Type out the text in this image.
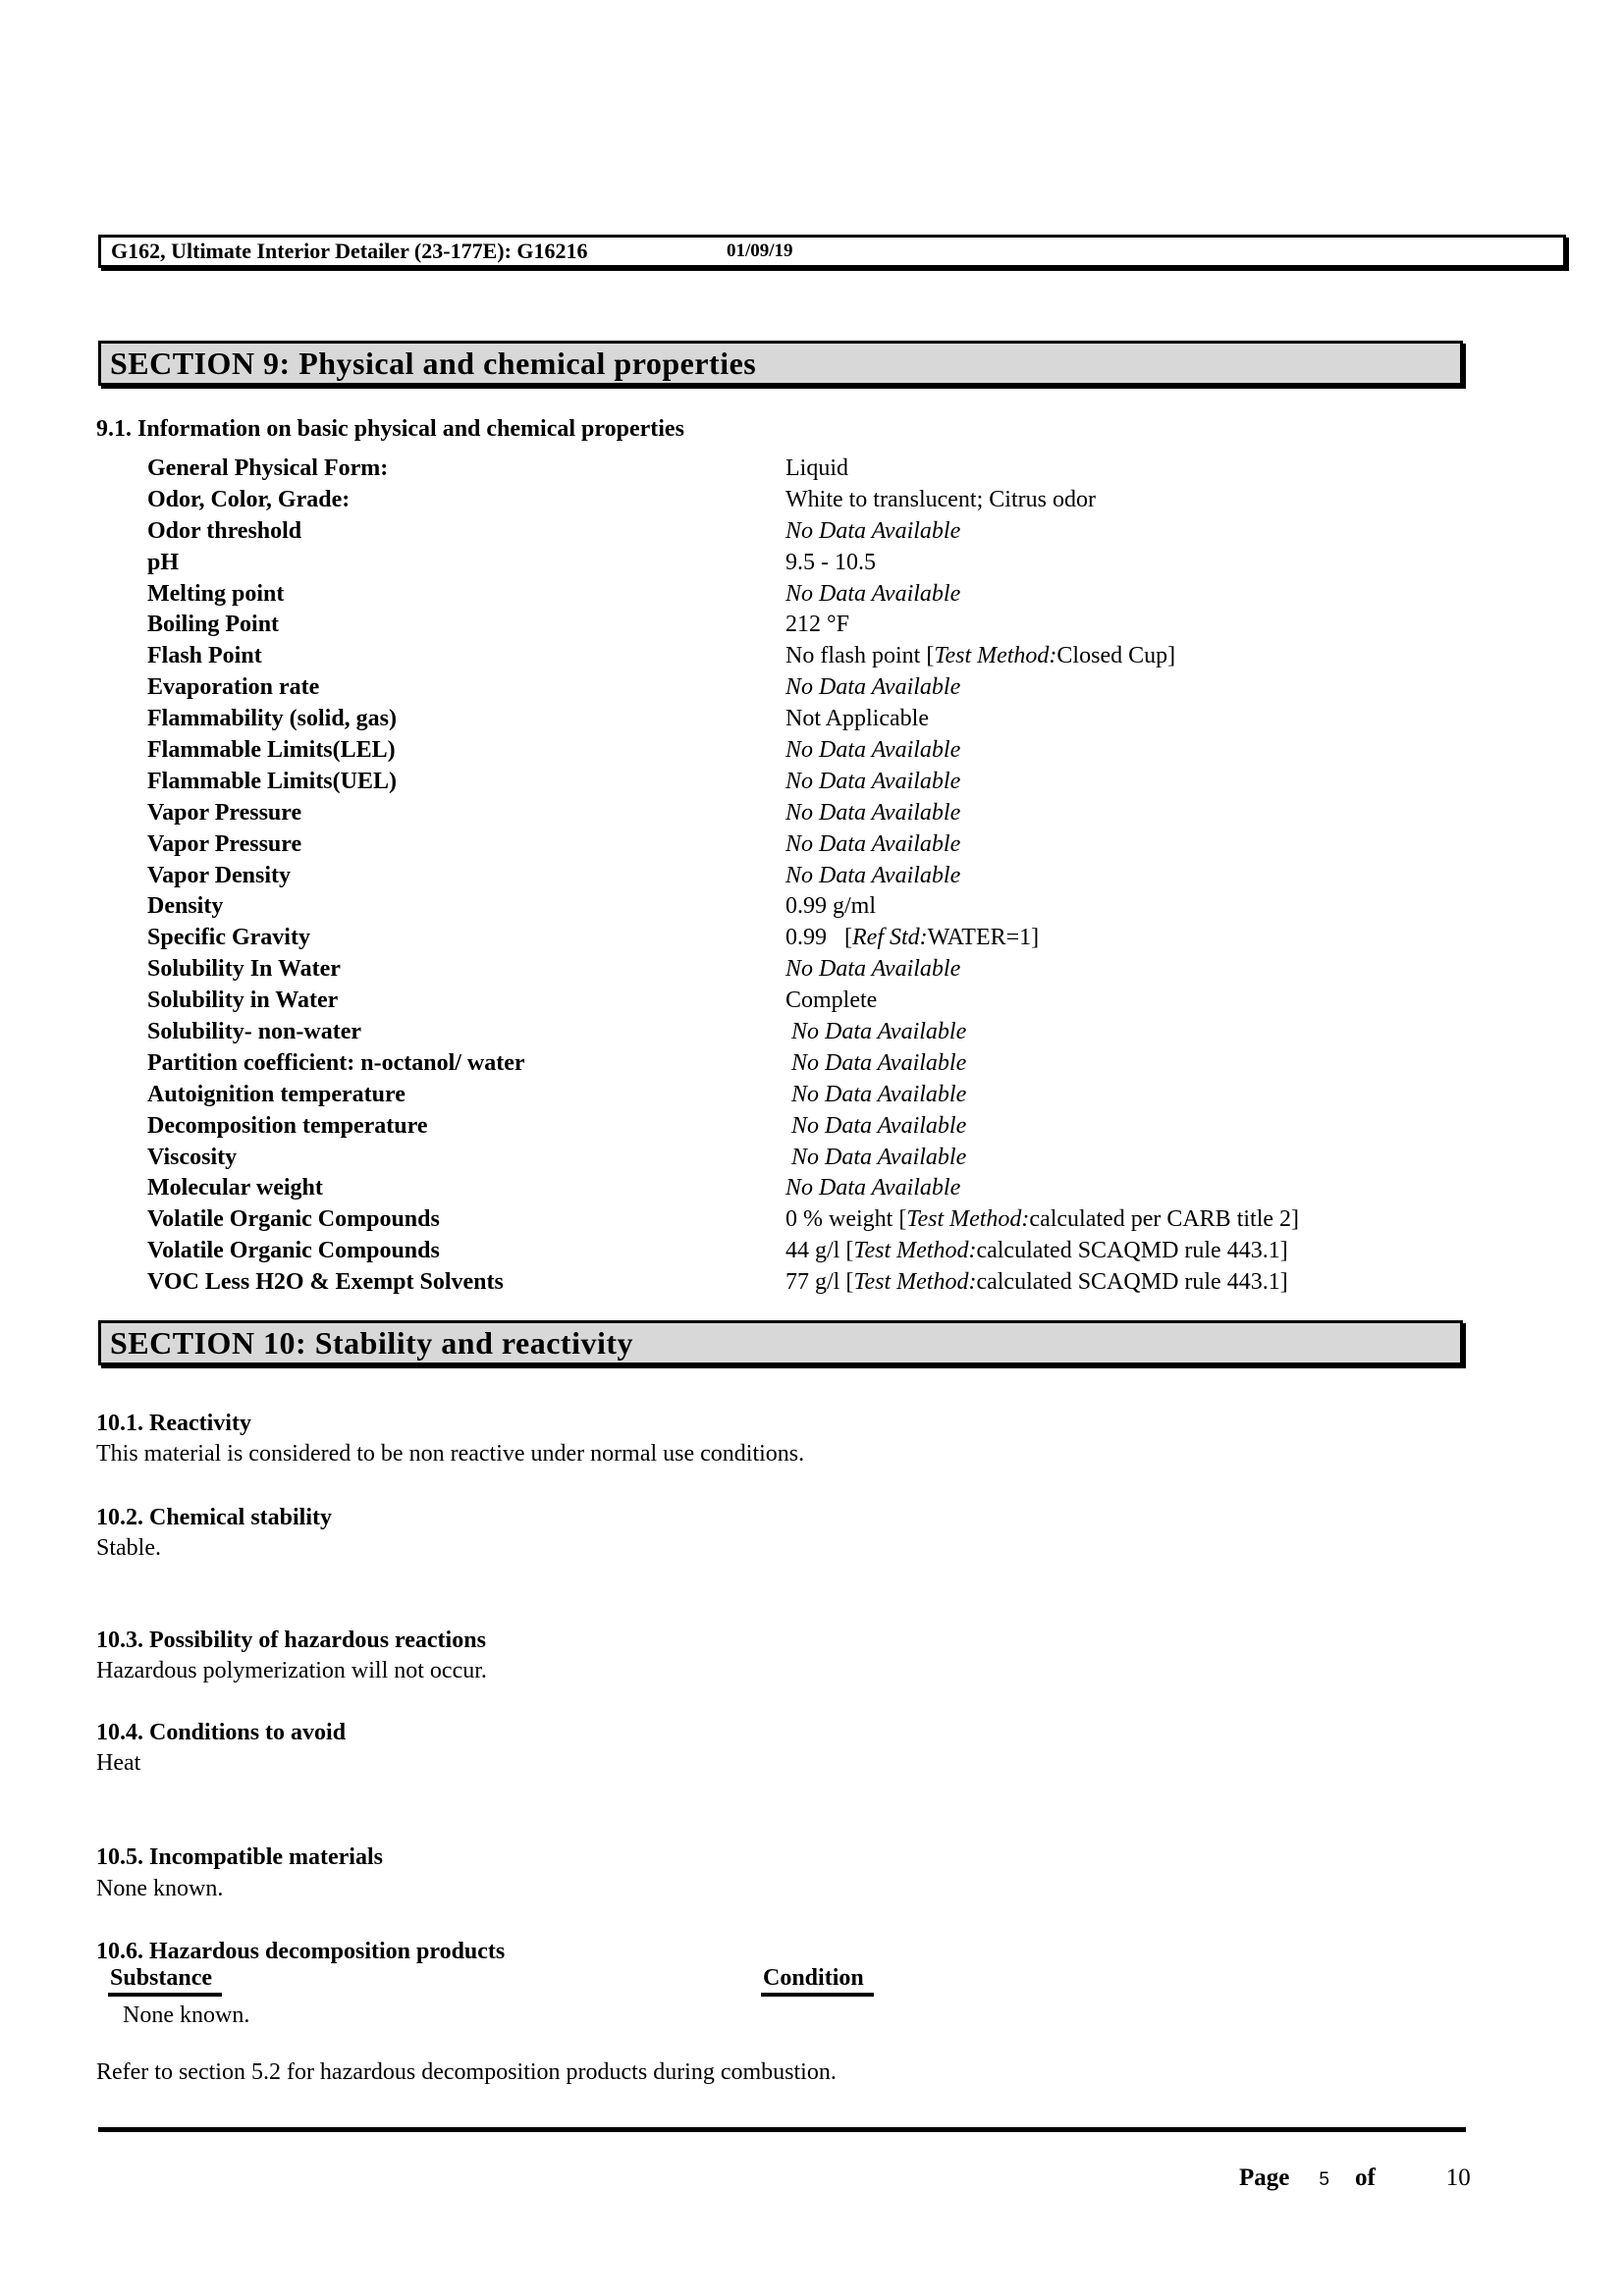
G162, Ultimate Interior Detailer (23-177E): G16216	01/09/19
SECTION 9: Physical and chemical properties
9.1. Information on basic physical and chemical properties
General Physical Form:	Liquid
Odor, Color, Grade:	White to translucent; Citrus odor
Odor threshold	No Data Available
pH	9.5 - 10.5
Melting point	No Data Available
Boiling Point	212 °F
Flash Point	No flash point [Test Method:Closed Cup]
Evaporation rate	No Data Available
Flammability (solid, gas)	Not Applicable
Flammable Limits(LEL)	No Data Available
Flammable Limits(UEL)	No Data Available
Vapor Pressure	No Data Available
Vapor Pressure	No Data Available
Vapor Density	No Data Available
Density	0.99 g/ml
Specific Gravity	0.99   [Ref Std:WATER=1]
Solubility In Water	No Data Available
Solubility in Water	Complete
Solubility- non-water	No Data Available
Partition coefficient: n-octanol/ water	No Data Available
Autoignition temperature	No Data Available
Decomposition temperature	No Data Available
Viscosity	No Data Available
Molecular weight	No Data Available
Volatile Organic Compounds	0 % weight [Test Method:calculated per CARB title 2]
Volatile Organic Compounds	44 g/l [Test Method:calculated SCAQMD rule 443.1]
VOC Less H2O & Exempt Solvents	77 g/l [Test Method:calculated SCAQMD rule 443.1]
SECTION 10: Stability and reactivity
10.1. Reactivity
This material is considered to be non reactive under normal use conditions.
10.2. Chemical stability
Stable.
10.3. Possibility of hazardous reactions
Hazardous polymerization will not occur.
10.4. Conditions to avoid
Heat
10.5. Incompatible materials
None known.
10.6. Hazardous decomposition products
Substance	Condition
None known.
Refer to section 5.2 for hazardous decomposition products during combustion.
Page 5 of	10
